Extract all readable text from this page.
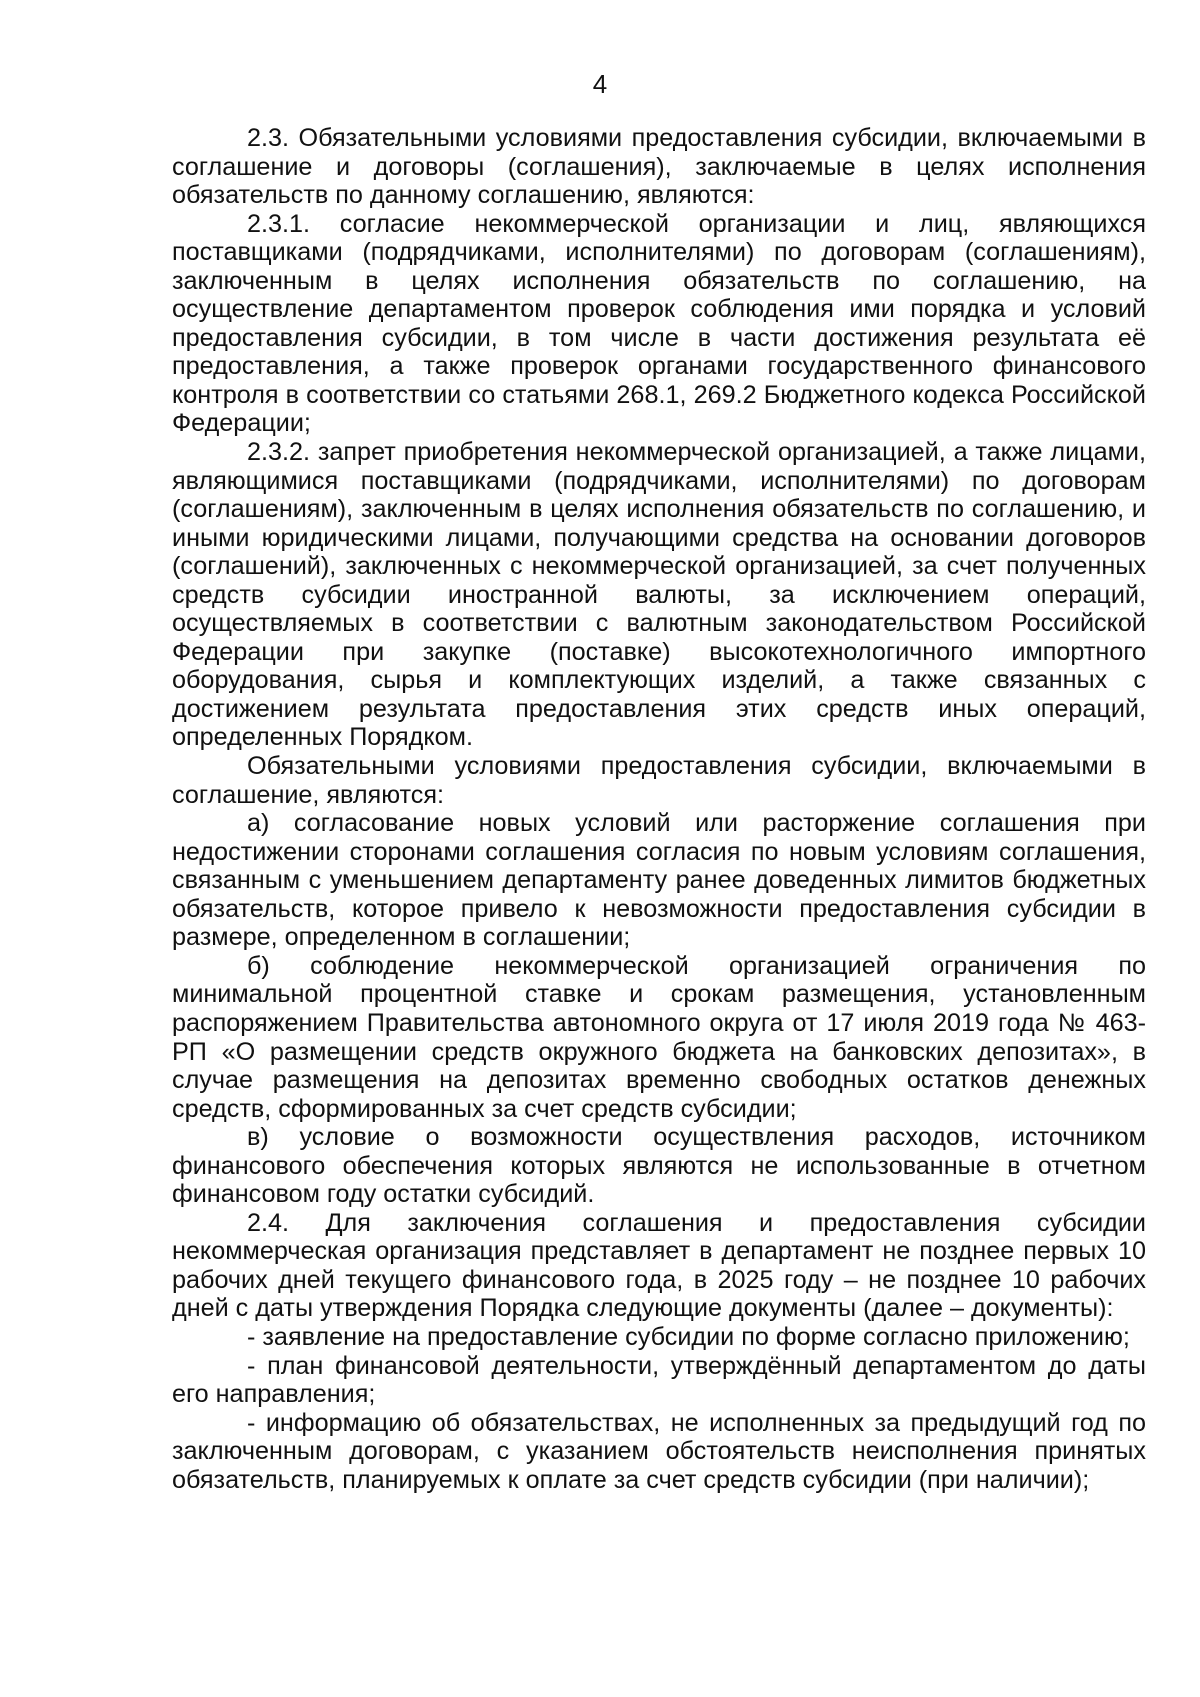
4

2.3. Обязательными условиями предоставления субсидии, включаемыми в соглашение и договоры (соглашения), заключаемые в целях исполнения обязательств по данному соглашению, являются:

2.3.1. согласие некоммерческой организации и лиц, являющихся поставщиками (подрядчиками, исполнителями) по договорам (соглашениям), заключенным в целях исполнения обязательств по соглашению, на осуществление департаментом проверок соблюдения ими порядка и условий предоставления субсидии, в том числе в части достижения результата её предоставления, а также проверок органами государственного финансового контроля в соответствии со статьями 268.1, 269.2 Бюджетного кодекса Российской Федерации;

2.3.2. запрет приобретения некоммерческой организацией, а также лицами, являющимися поставщиками (подрядчиками, исполнителями) по договорам (соглашениям), заключенным в целях исполнения обязательств по соглашению, и иными юридическими лицами, получающими средства на основании договоров (соглашений), заключенных с некоммерческой организацией, за счет полученных средств субсидии иностранной валюты, за исключением операций, осуществляемых в соответствии с валютным законодательством Российской Федерации при закупке (поставке) высокотехнологичного импортного оборудования, сырья и комплектующих изделий, а также связанных с достижением результата предоставления этих средств иных операций, определенных Порядком.

Обязательными условиями предоставления субсидии, включаемыми в соглашение, являются:

а) согласование новых условий или расторжение соглашения при недостижении сторонами соглашения согласия по новым условиям соглашения, связанным с уменьшением департаменту ранее доведенных лимитов бюджетных обязательств, которое привело к невозможности предоставления субсидии в размере, определенном в соглашении;

б) соблюдение некоммерческой организацией ограничения по минимальной процентной ставке и срокам размещения, установленным распоряжением Правительства автономного округа от 17 июля 2019 года № 463-РП «О размещении средств окружного бюджета на банковских депозитах», в случае размещения на депозитах временно свободных остатков денежных средств, сформированных за счет средств субсидии;

в) условие о возможности осуществления расходов, источником финансового обеспечения которых являются не использованные в отчетном финансовом году остатки субсидий.

2.4. Для заключения соглашения и предоставления субсидии некоммерческая организация представляет в департамент не позднее первых 10 рабочих дней текущего финансового года, в 2025 году – не позднее 10 рабочих дней с даты утверждения Порядка следующие документы (далее – документы):

- заявление на предоставление субсидии по форме согласно приложению;

- план финансовой деятельности, утверждённый департаментом до даты его направления;

- информацию об обязательствах, не исполненных за предыдущий год по заключенным договорам, с указанием обстоятельств неисполнения принятых обязательств, планируемых к оплате за счет средств субсидии (при наличии);
